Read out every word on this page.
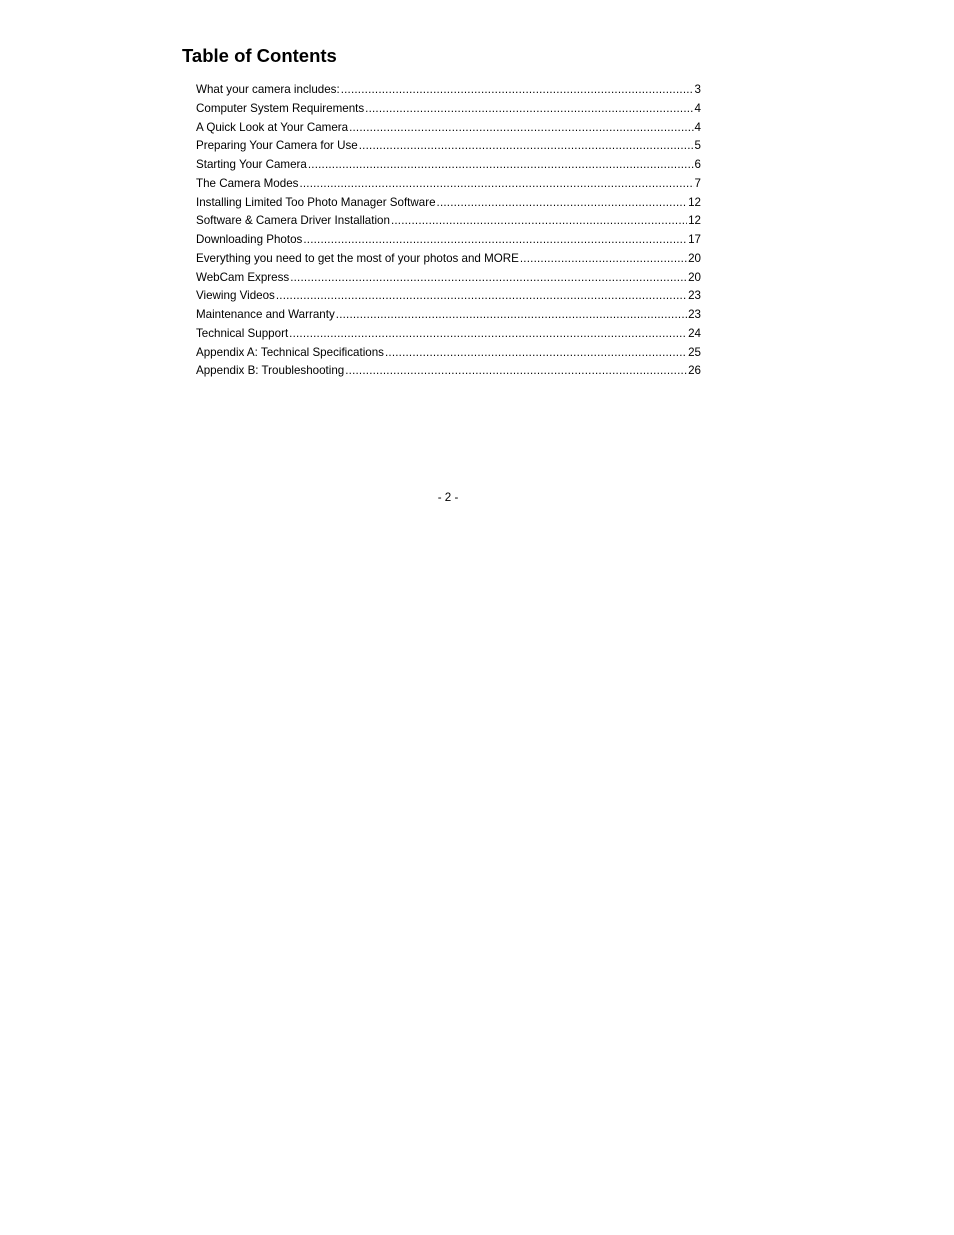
Table of Contents
What your camera includes: .....	3
Computer System Requirements .....	4
A Quick Look at Your Camera .....	4
Preparing Your Camera for Use .....	5
Starting Your Camera .....	6
The Camera Modes .....	7
Installing Limited Too Photo Manager Software .....	12
Software & Camera Driver Installation .....	12
Downloading Photos .....	17
Everything you need to get the most of your photos and MORE .....	20
WebCam Express .....	20
Viewing Videos .....	23
Maintenance and Warranty .....	23
Technical Support .....	24
Appendix A: Technical Specifications .....	25
Appendix B: Troubleshooting .....	26
- 2 -
